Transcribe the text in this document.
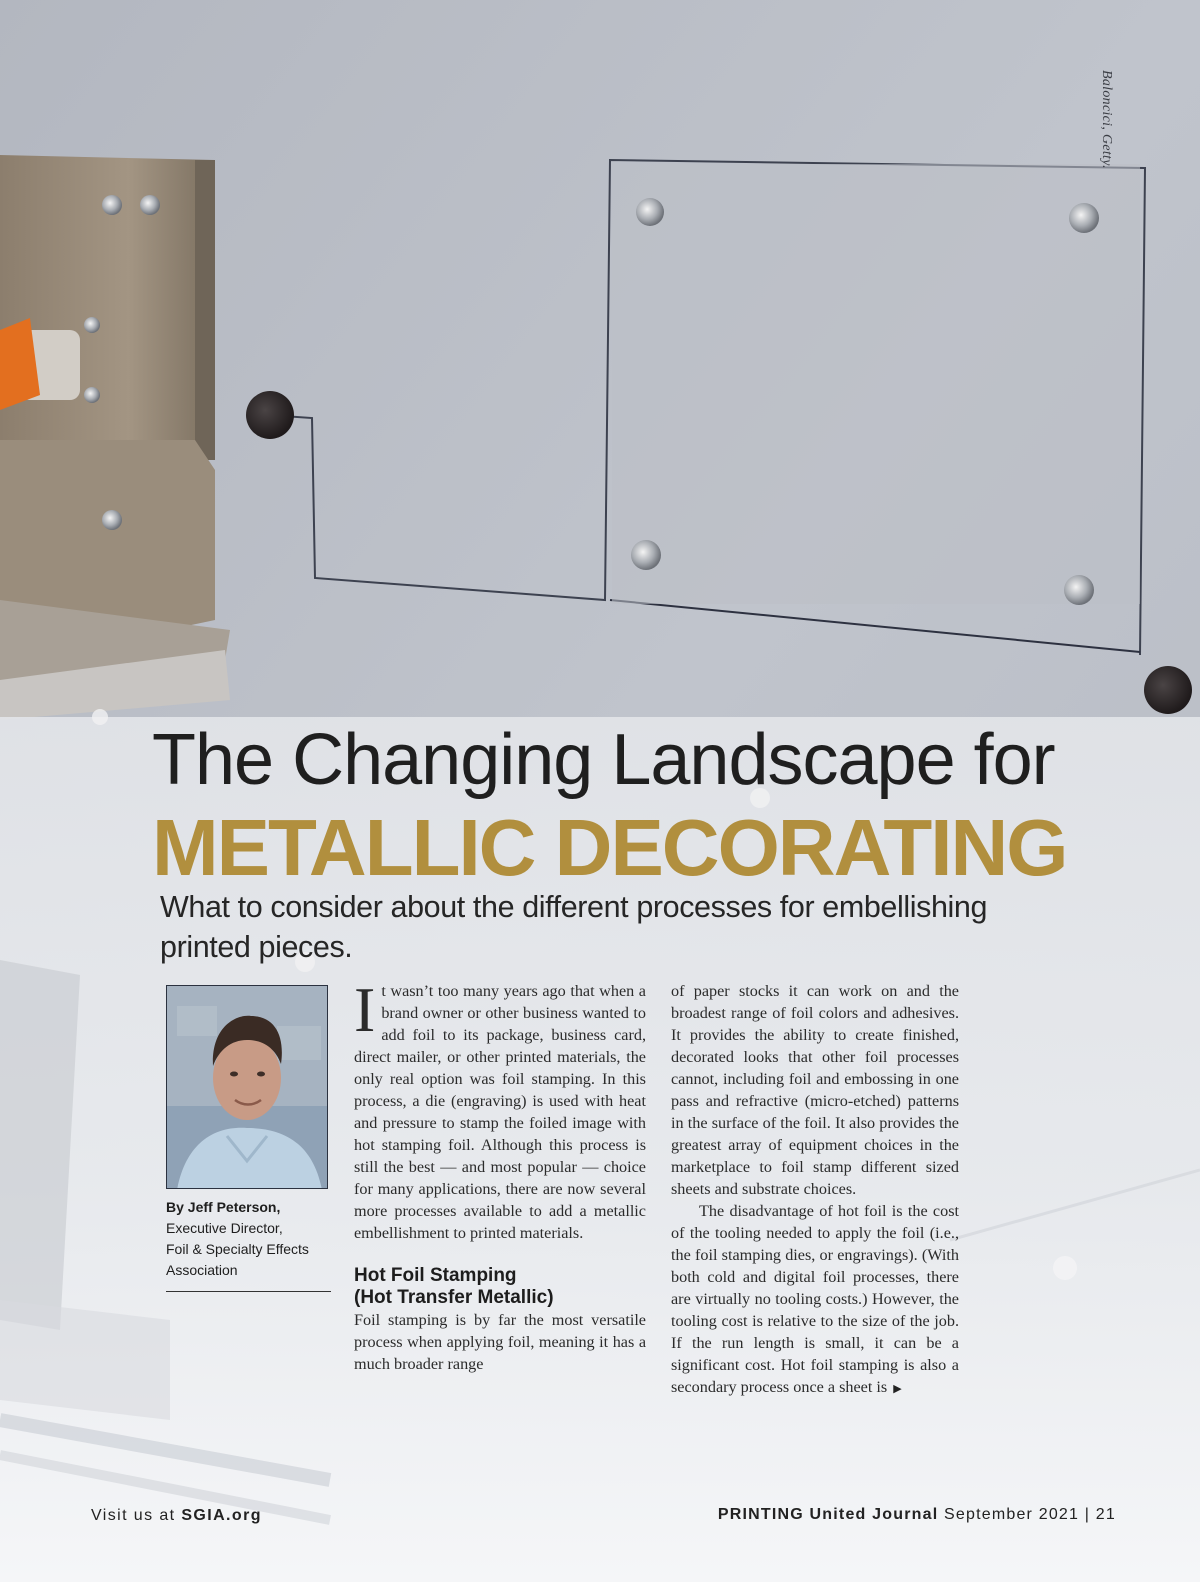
Baloncici, Getty.
The Changing Landscape for
METALLIC DECORATING
What to consider about the different processes for embellishing printed pieces.
By Jeff Peterson,
Executive Director,
Foil & Specialty Effects
Association

It wasn’t too many years ago that when a brand owner or other business wanted to add foil to its package, business card, direct mailer, or other printed materials, the only real option was foil stamping. In this process, a die (engraving) is used with heat and pressure to stamp the foiled image with hot stamping foil. Although this process is still the best — and most popular — choice for many applications, there are now several more processes available to add a metallic embellishment to printed materials.

Hot Foil Stamping
(Hot Transfer Metallic)

Foil stamping is by far the most versatile process when applying foil, meaning it has a much broader range

of paper stocks it can work on and the broadest range of foil colors and adhesives. It provides the ability to create finished, decorated looks that other foil processes cannot, including foil and embossing in one pass and refractive (micro-etched) patterns in the surface of the foil. It also provides the greatest array of equipment choices in the marketplace to foil stamp different sized sheets and substrate choices.

The disadvantage of hot foil is the cost of the tooling needed to apply the foil (i.e., the foil stamping dies, or engravings). (With both cold and digital foil processes, there are virtually no tooling costs.) However, the tooling cost is relative to the size of the job. If the run length is small, it can be a significant cost. Hot foil stamping is also a secondary process once a sheet is ▶

Visit us at SGIA.org	PRINTING United Journal September 2021 | 21
